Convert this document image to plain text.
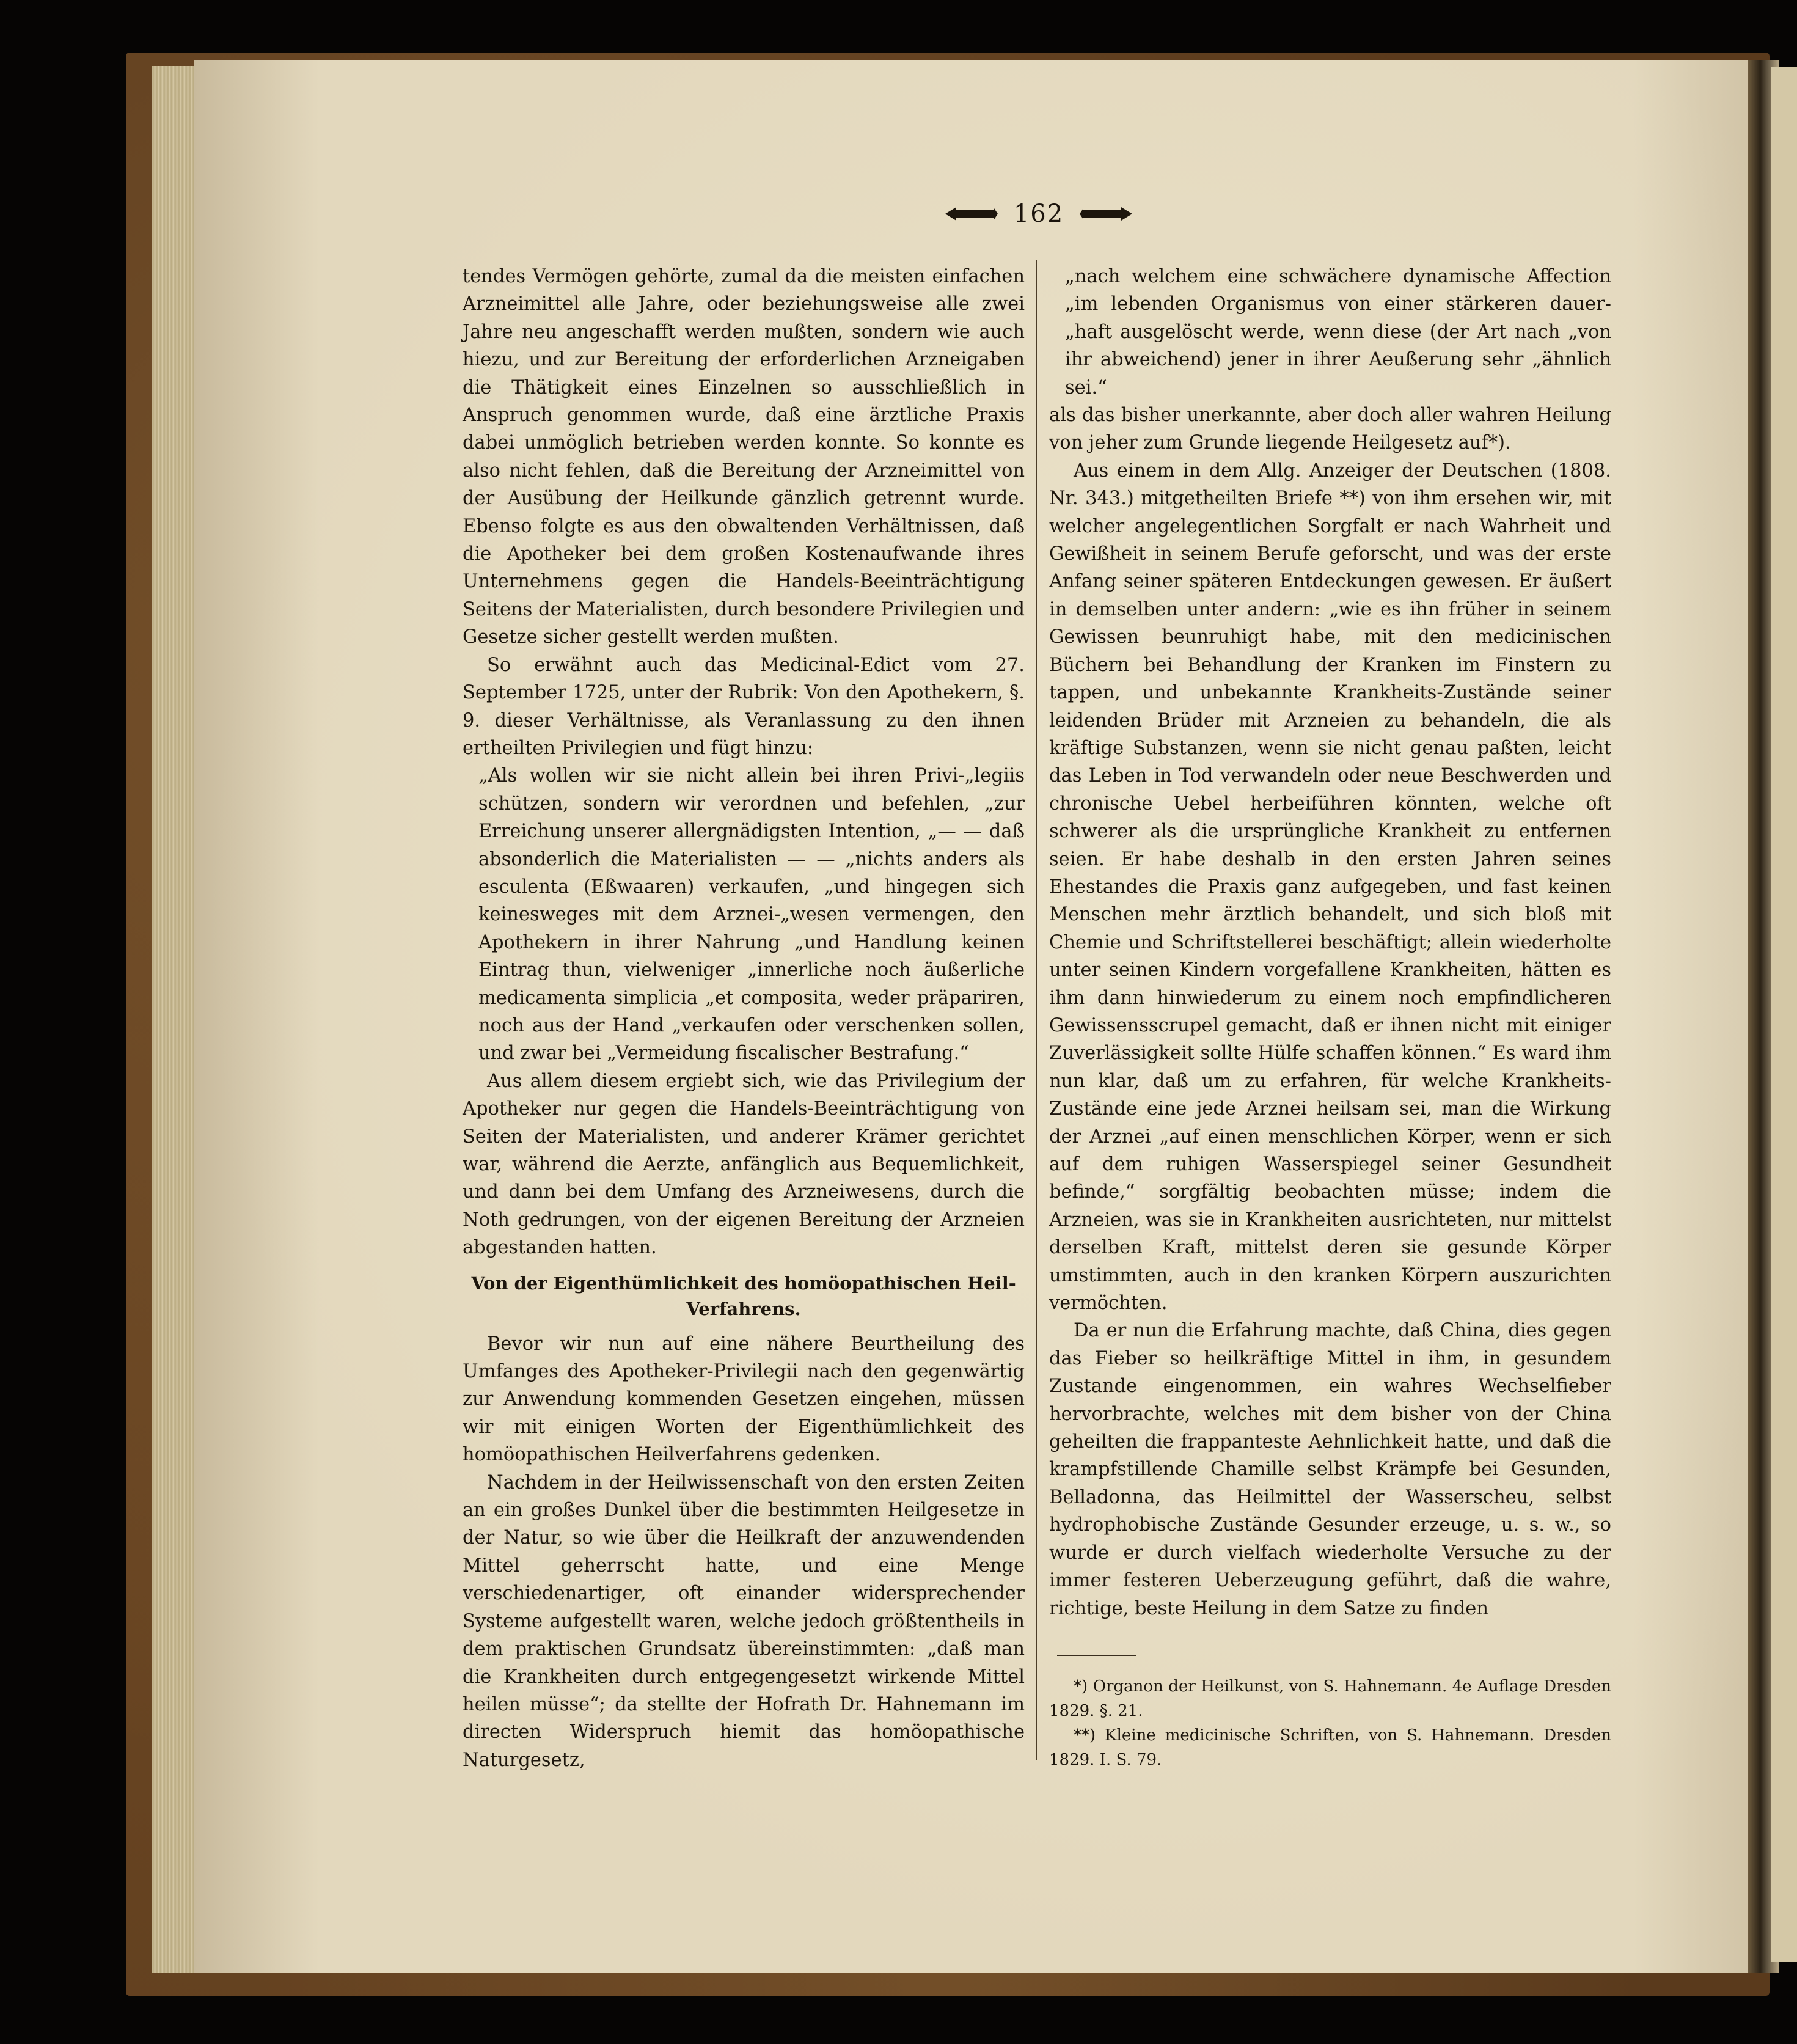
162

tendes Vermögen gehörte, zumal da die meisten einfachen Arzneimittel alle Jahre, oder beziehungsweise alle zwei Jahre neu angeschafft werden mußten, sondern wie auch hiezu, und zur Bereitung der erforderlichen Arzneigaben die Thätigkeit eines Einzelnen so ausschließlich in Anspruch genommen wurde, daß eine ärztliche Praxis dabei unmöglich betrieben werden konnte. So konnte es also nicht fehlen, daß die Bereitung der Arzneimittel von der Ausübung der Heilkunde gänzlich getrennt wurde. Ebenso folgte es aus den obwaltenden Verhältnissen, daß die Apotheker bei dem großen Kostenaufwande ihres Unternehmens gegen die Handels-Beeinträchtigung Seitens der Materialisten, durch besondere Privilegien und Gesetze sicher gestellt werden mußten.

So erwähnt auch das Medicinal-Edict vom 27. September 1725, unter der Rubrik: Von den Apothekern, §. 9. dieser Verhältnisse, als Veranlassung zu den ihnen ertheilten Privilegien und fügt hinzu:

„Als wollen wir sie nicht allein bei ihren Privi-„legiis schützen, sondern wir verordnen und befehlen, „zur Erreichung unserer allergnädigsten Intention, „— — daß absonderlich die Materialisten — — „nichts anders als esculenta (Eßwaaren) verkaufen, „und hingegen sich keinesweges mit dem Arznei-„wesen vermengen, den Apothekern in ihrer Nahrung „und Handlung keinen Eintrag thun, vielweniger „innerliche noch äußerliche medicamenta simplicia „et composita, weder präpariren, noch aus der Hand „verkaufen oder verschenken sollen, und zwar bei „Vermeidung fiscalischer Bestrafung.“

Aus allem diesem ergiebt sich, wie das Privilegium der Apotheker nur gegen die Handels-Beeinträchtigung von Seiten der Materialisten, und anderer Krämer gerichtet war, während die Aerzte, anfänglich aus Bequemlichkeit, und dann bei dem Umfang des Arzneiwesens, durch die Noth gedrungen, von der eigenen Bereitung der Arzneien abgestanden hatten.

Von der Eigenthümlichkeit des homöopathischen Heil-Verfahrens.

Bevor wir nun auf eine nähere Beurtheilung des Umfanges des Apotheker-Privilegii nach den gegenwärtig zur Anwendung kommenden Gesetzen eingehen, müssen wir mit einigen Worten der Eigenthümlichkeit des homöopathischen Heilverfahrens gedenken.

Nachdem in der Heilwissenschaft von den ersten Zeiten an ein großes Dunkel über die bestimmten Heilgesetze in der Natur, so wie über die Heilkraft der anzuwendenden Mittel geherrscht hatte, und eine Menge verschiedenartiger, oft einander widersprechender Systeme aufgestellt waren, welche jedoch größtentheils in dem praktischen Grundsatz übereinstimmten: „daß man die Krankheiten durch entgegengesetzt wirkende Mittel heilen müsse“; da stellte der Hofrath Dr. Hahnemann im directen Widerspruch hiemit das homöopathische Naturgesetz,

„nach welchem eine schwächere dynamische Affection „im lebenden Organismus von einer stärkeren dauer-„haft ausgelöscht werde, wenn diese (der Art nach „von ihr abweichend) jener in ihrer Aeußerung sehr „ähnlich sei.“

als das bisher unerkannte, aber doch aller wahren Heilung von jeher zum Grunde liegende Heilgesetz auf*).

Aus einem in dem Allg. Anzeiger der Deutschen (1808. Nr. 343.) mitgetheilten Briefe **) von ihm ersehen wir, mit welcher angelegentlichen Sorgfalt er nach Wahrheit und Gewißheit in seinem Berufe geforscht, und was der erste Anfang seiner späteren Entdeckungen gewesen. Er äußert in demselben unter andern: „wie es ihn früher in seinem Gewissen beunruhigt habe, mit den medicinischen Büchern bei Behandlung der Kranken im Finstern zu tappen, und unbekannte Krankheits-Zustände seiner leidenden Brüder mit Arzneien zu behandeln, die als kräftige Substanzen, wenn sie nicht genau paßten, leicht das Leben in Tod verwandeln oder neue Beschwerden und chronische Uebel herbeiführen könnten, welche oft schwerer als die ursprüngliche Krankheit zu entfernen seien. Er habe deshalb in den ersten Jahren seines Ehestandes die Praxis ganz aufgegeben, und fast keinen Menschen mehr ärztlich behandelt, und sich bloß mit Chemie und Schriftstellerei beschäftigt; allein wiederholte unter seinen Kindern vorgefallene Krankheiten, hätten es ihm dann hinwiederum zu einem noch empfindlicheren Gewissensscrupel gemacht, daß er ihnen nicht mit einiger Zuverlässigkeit sollte Hülfe schaffen können.“ Es ward ihm nun klar, daß um zu erfahren, für welche Krankheits-Zustände eine jede Arznei heilsam sei, man die Wirkung der Arznei „auf einen menschlichen Körper, wenn er sich auf dem ruhigen Wasserspiegel seiner Gesundheit befinde,“ sorgfältig beobachten müsse; indem die Arzneien, was sie in Krankheiten ausrichteten, nur mittelst derselben Kraft, mittelst deren sie gesunde Körper umstimmten, auch in den kranken Körpern auszurichten vermöchten.

Da er nun die Erfahrung machte, daß China, dies gegen das Fieber so heilkräftige Mittel in ihm, in gesundem Zustande eingenommen, ein wahres Wechselfieber hervorbrachte, welches mit dem bisher von der China geheilten die frappanteste Aehnlichkeit hatte, und daß die krampfstillende Chamille selbst Krämpfe bei Gesunden, Belladonna, das Heilmittel der Wasserscheu, selbst hydrophobische Zustände Gesunder erzeuge, u. s. w., so wurde er durch vielfach wiederholte Versuche zu der immer festeren Ueberzeugung geführt, daß die wahre, richtige, beste Heilung in dem Satze zu finden

*) Organon der Heilkunst, von S. Hahnemann. 4e Auflage Dresden 1829. §. 21.

**) Kleine medicinische Schriften, von S. Hahnemann. Dresden 1829. I. S. 79.
